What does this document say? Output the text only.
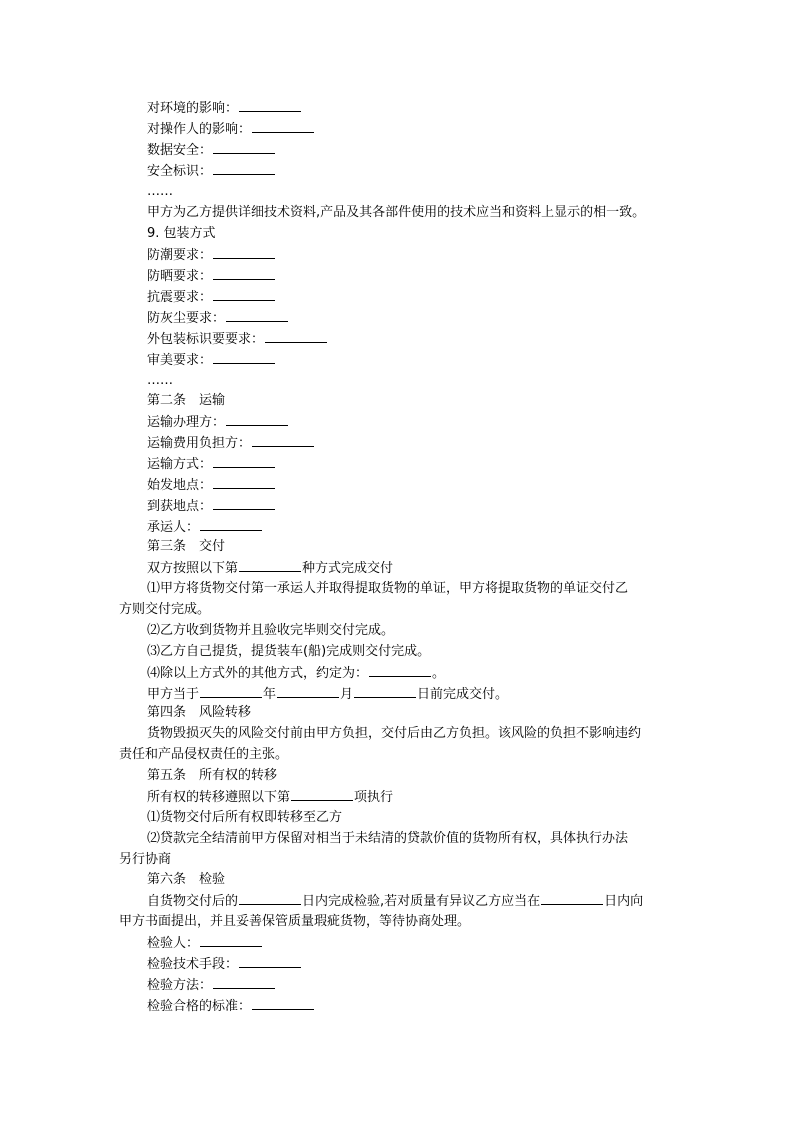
对环境的影响：
对操作人的影响：
数据安全：
安全标识：
……
甲方为乙方提供详细技术资料,产品及其各部件使用的技术应当和资料上显示的相一致。
9. 包装方式
防潮要求：
防晒要求：
抗震要求：
防灰尘要求：
外包装标识要要求：
审美要求：
……
第二条　运输
运输办理方：
运输费用负担方：
运输方式：
始发地点：
到获地点：
承运人：
第三条　交付
双方按照以下第	种方式完成交付
⑴甲方将货物交付第一承运人并取得提取货物的单证，甲方将提取货物的单证交付乙
方则交付完成。
⑵乙方收到货物并且验收完毕则交付完成。
⑶乙方自己提货，提货装车(船)完成则交付完成。
⑷除以上方式外的其他方式，约定为：	。
甲方当于	年	月	日前完成交付。
第四条　风险转移
货物毁损灭失的风险交付前由甲方负担，交付后由乙方负担。该风险的负担不影响违约
责任和产品侵权责任的主张。
第五条　所有权的转移
所有权的转移遵照以下第	项执行
⑴货物交付后所有权即转移至乙方
⑵贷款完全结清前甲方保留对相当于未结清的贷款价值的货物所有权，具体执行办法
另行协商
第六条　检验
自货物交付后的	日内完成检验,若对质量有异议乙方应当在	日内向
甲方书面提出，并且妥善保管质量瑕疵货物，等待协商处理。
检验人：
检验技术手段：
检验方法：
检验合格的标准：
